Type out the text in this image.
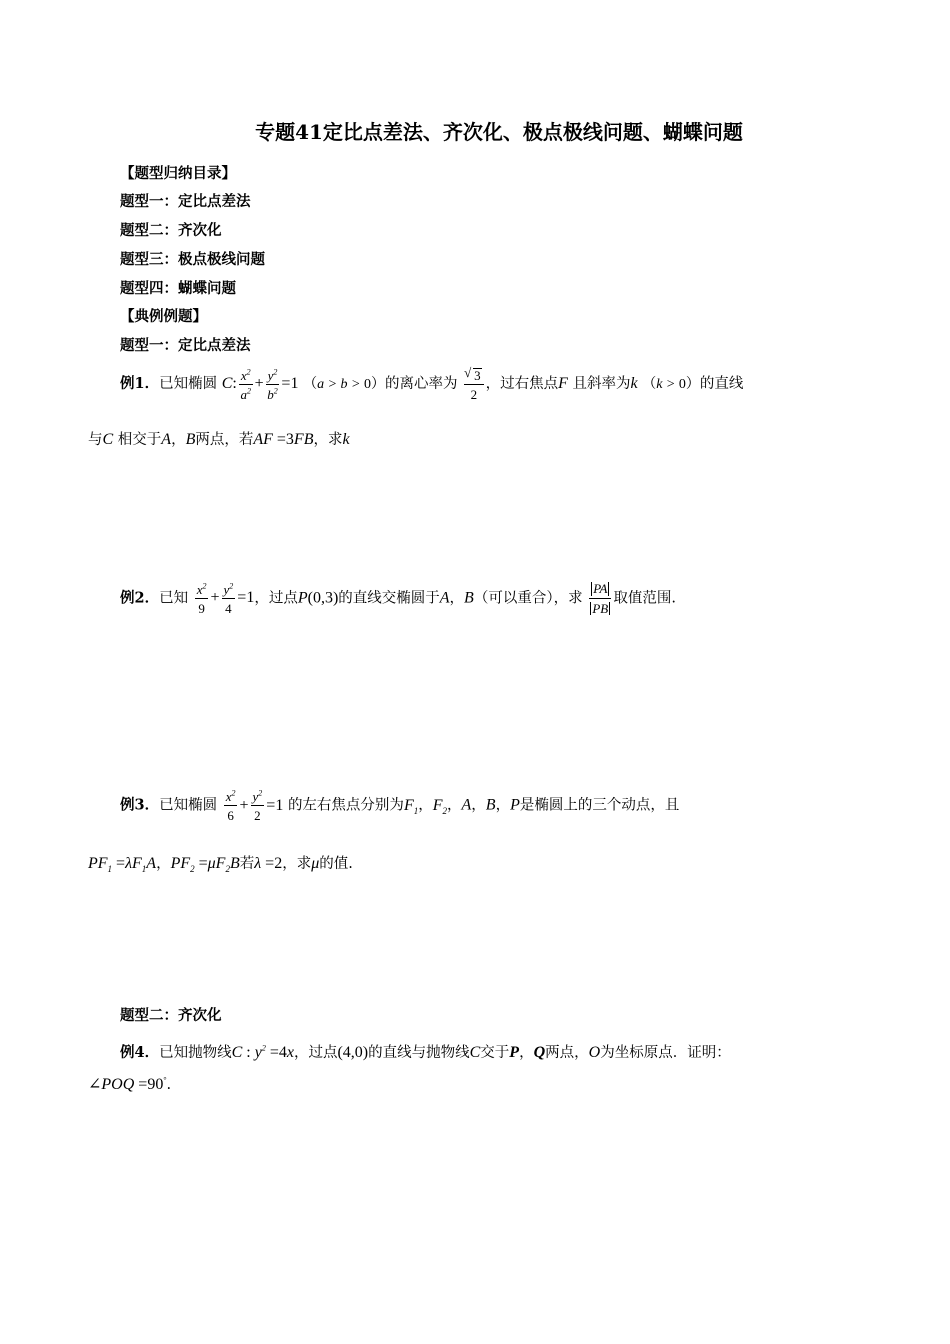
专题41定比点差法、齐次化、极点极线问题、蝴蝶问题
【题型归纳目录】
题型一：定比点差法
题型二：齐次化
题型三：极点极线问题
题型四：蝴蝶问题
【典例例题】
题型一：定比点差法
例1．已知椭圆 C: $\frac{x^2}{a^2} + \frac{y^2}{b^2} =1$ （a > b > 0）的离心率为
√ $\frac{3}{2}$ ，过右焦点F 且斜率为k （k > 0）的直线
与C 相交于A，B两点，若AF =3FB，求k
例2．已知 $\frac{x^2}{9} + \frac{y^2}{4} =1$，过点P(0,3)的直线交椭圆于A，B（可以重合），求 $\frac{PA}{PB}$ 取值范围.
例3．已知椭圆 $\frac{x^2}{6} + \frac{y^2}{2} =1$ 的左右焦点分别为$F_1$，$F_2$，A，B，P是椭圆上的三个动点，且
$PF_1 =\lambda F_1A$，$PF_2 =\mu F_2B$若λ =2，求μ的值.
题型二：齐次化
例4．已知抛物线C : $y^2 =4x$，过点(4,0)的直线与抛物线C交于P，Q两点，O为坐标原点．证明：
∠POQ =90°.
